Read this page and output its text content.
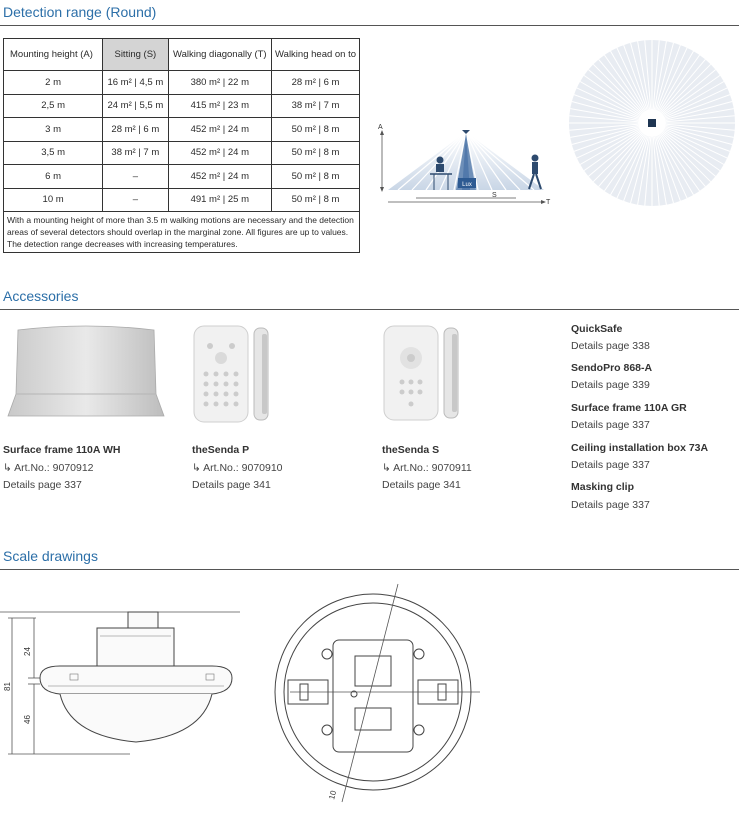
Detection range (Round)
Mounting height (A)	Sitting (S)	Walking diagonally (T)	Walking head on to
2 m	16 m² | 4,5 m	380 m² | 22 m	28 m² | 6 m
2,5 m	24 m² | 5,5 m	415 m² | 23 m	38 m² | 7 m
3 m	28 m² | 6 m	452 m² | 24 m	50 m² | 8 m
3,5 m	38 m² | 7 m	452 m² | 24 m	50 m² | 8 m
6 m	–	452 m² | 24 m	50 m² | 8 m
10 m	–	491 m² | 25 m	50 m² | 8 m
With a mounting height of more than 3.5 m walking motions are necessary and the detection areas of several detectors should overlap in the marginal zone. All figures are up to values. The detection range decreases with increasing temperatures.			
Lux
A
S
T
Accessories
Surface frame 110A WH
↳ Art.No.: 9070912
Details page 337
theSenda P
↳ Art.No.: 9070910
Details page 341
theSenda S
↳ Art.No.: 9070911
Details page 341
QuickSafe
Details page 338
SendoPro 868-A
Details page 339
Surface frame 110A GR
Details page 337
Ceiling installation box 73A
Details page 337
Masking clip
Details page 337
Scale drawings
81
24
46
10
